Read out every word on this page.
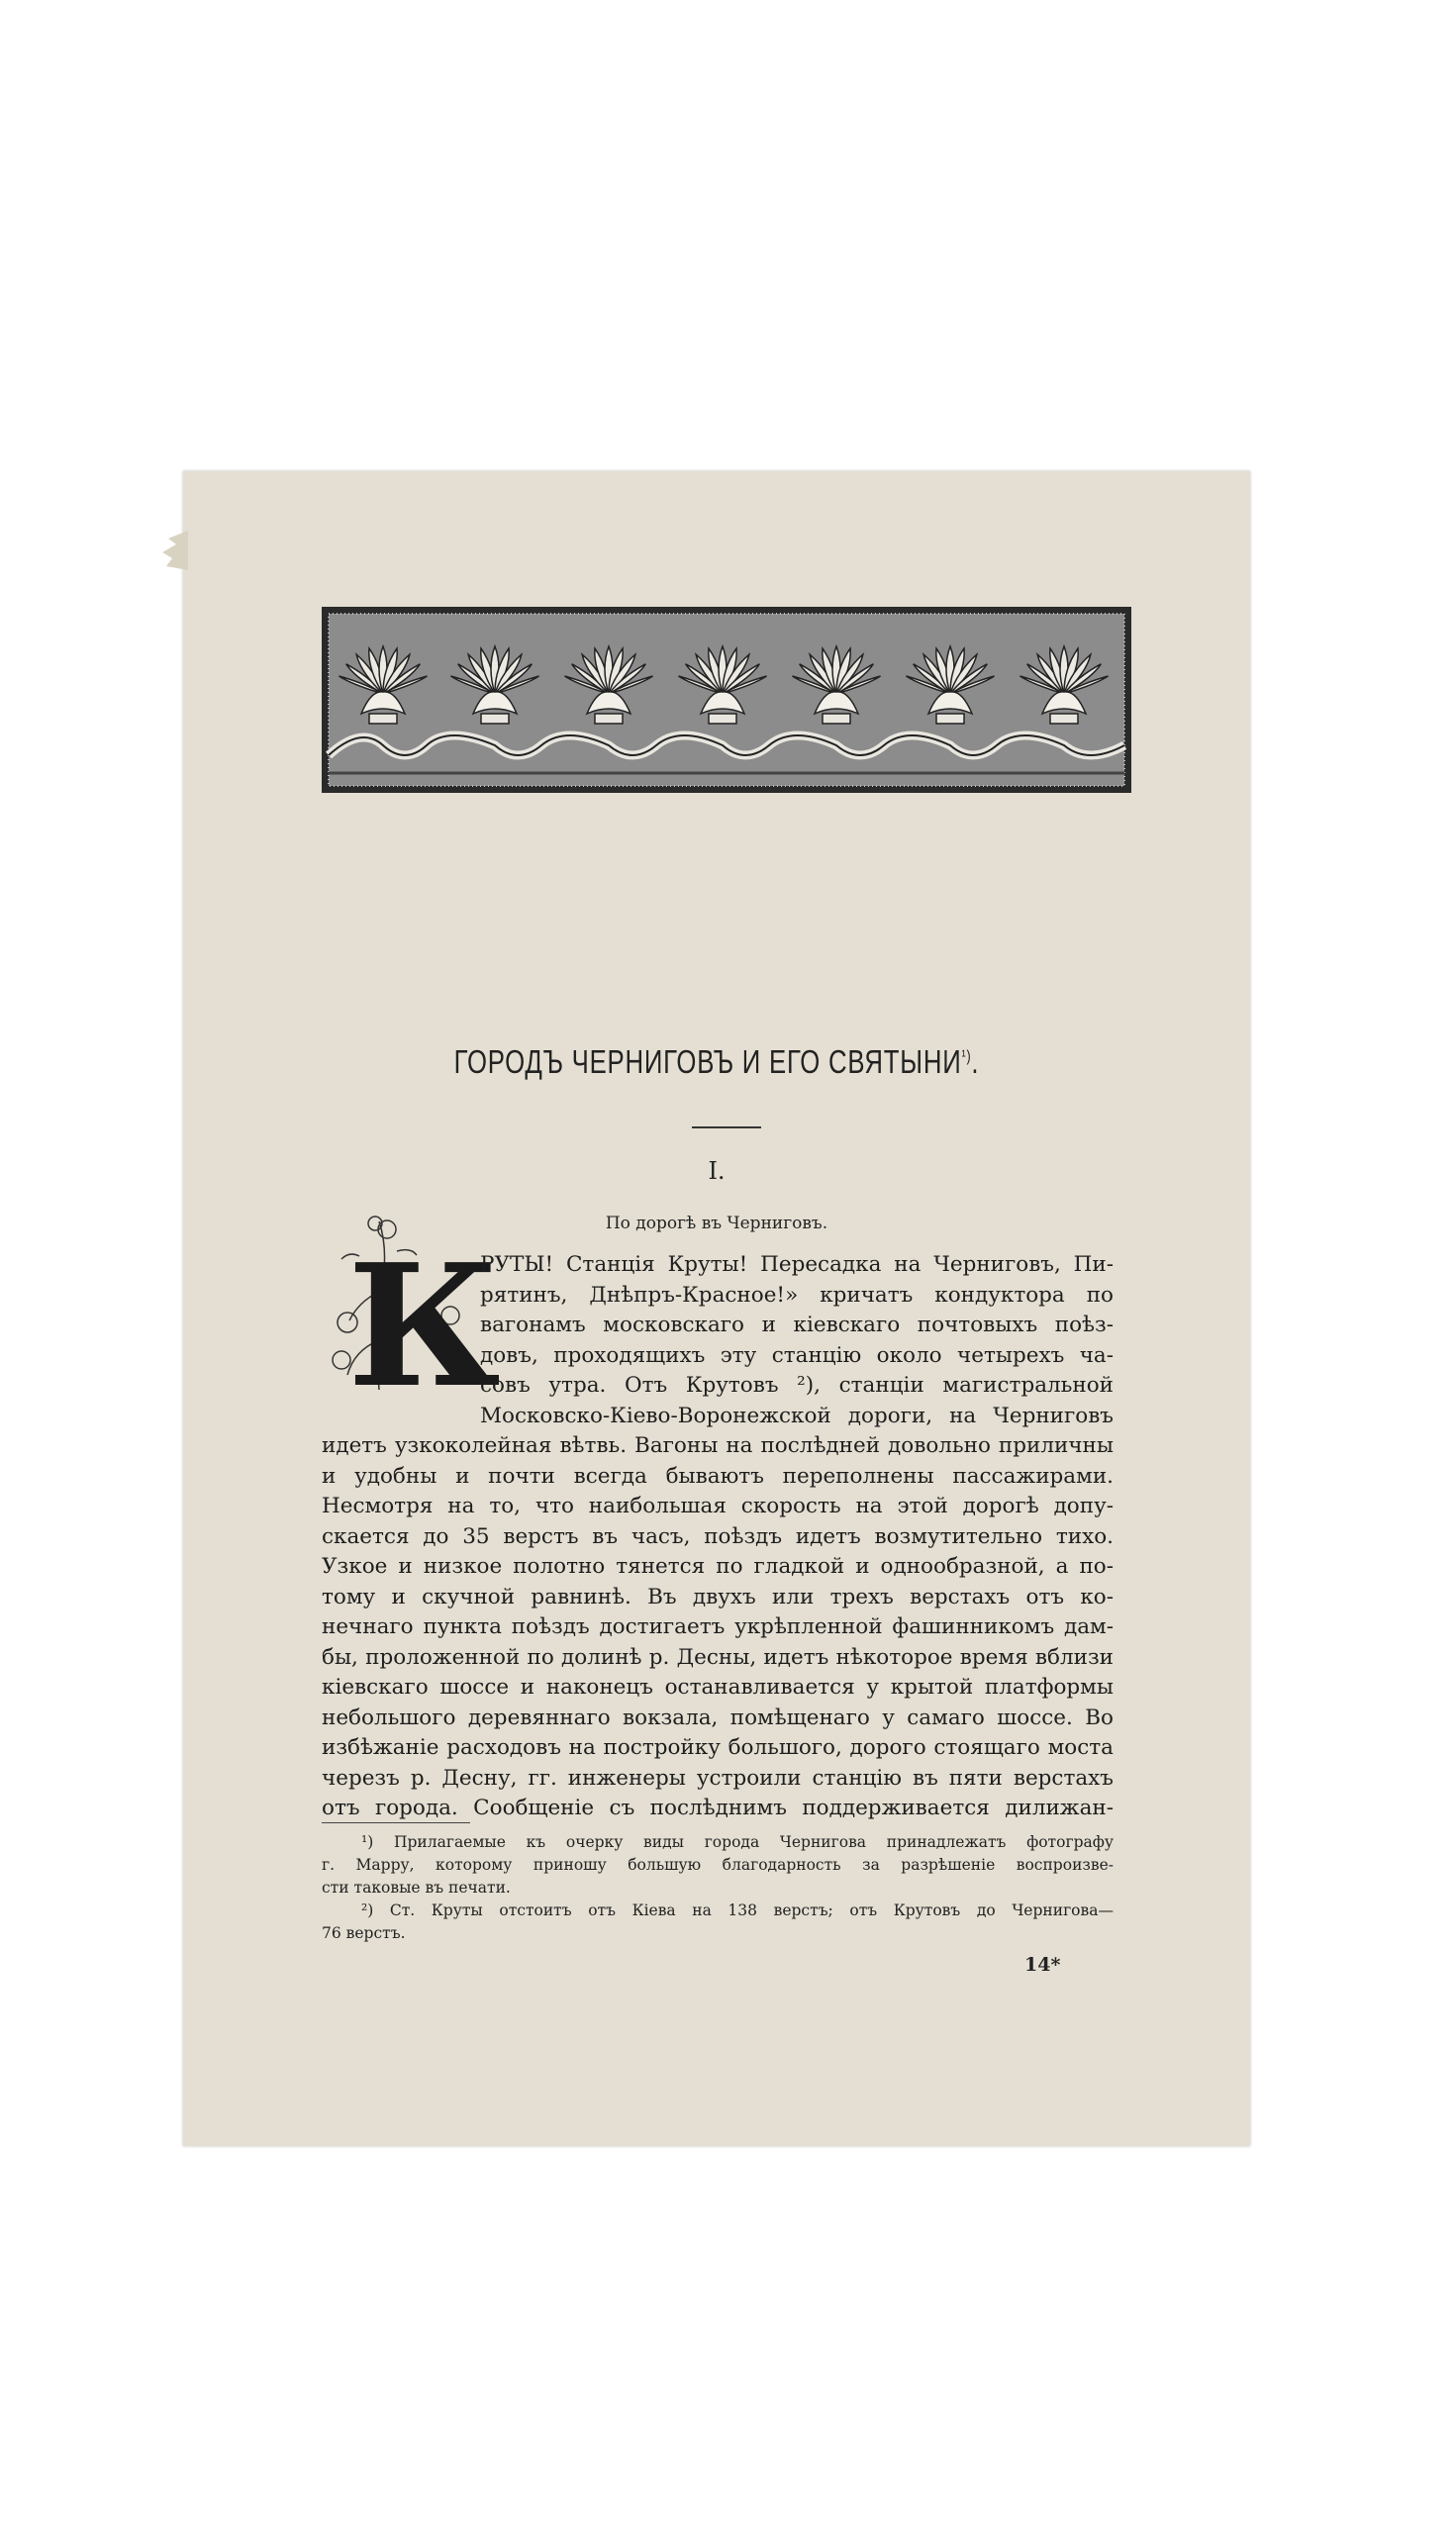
ГОРОДЪ ЧЕРНИГОВЪ И ЕГО $СВЯТЫНИ^{^1)}$.
I.
По дорогѣ въ Черниговъ.
К
РУТЫ! Станція Круты! Пересадка на Черниговъ, Пи-
рятинъ, Днѣпръ-Красное!» кричатъ кондуктора по
вагонамъ московскаго и кіевскаго почтовыхъ поѣз-
довъ, проходящихъ эту станцію около четырехъ ча-
совъ утра. Отъ Крутовъ ²), станціи магистральной
Московско-Кіево-Воронежской дороги, на Черниговъ
идетъ узкоколейная вѣтвь. Вагоны на послѣдней довольно приличны
и удобны и почти всегда бываютъ переполнены пассажирами.
Несмотря на то, что наибольшая скорость на этой дорогѣ допу-
скается до 35 верстъ въ часъ, поѣздъ идетъ возмутительно тихо.
Узкое и низкое полотно тянется по гладкой и однообразной, а по-
тому и скучной равнинѣ. Въ двухъ или трехъ верстахъ отъ ко-
нечнаго пункта поѣздъ достигаетъ укрѣпленной фашинникомъ дам-
бы, проложенной по долинѣ р. Десны, идетъ нѣкоторое время вблизи
кіевскаго шоссе и наконецъ останавливается у крытой платформы
небольшого деревяннаго вокзала, помѣщенаго у самаго шоссе. Во
избѣжаніе расходовъ на постройку большого, дорого стоящаго моста
черезъ р. Десну, гг. инженеры устроили станцію въ пяти верстахъ
отъ города. Сообщеніе съ послѣднимъ поддерживается дилижан-
¹) Прилагаемые къ очерку виды города Чернигова принадлежатъ фотографу
г. Марру, которому приношу большую благодарность за разрѣшеніе воспроизве-
сти таковые въ печати.
²) Ст. Круты отстоитъ отъ Кіева на 138 верстъ; отъ Крутовъ до Чернигова—
76 верстъ.
14*
